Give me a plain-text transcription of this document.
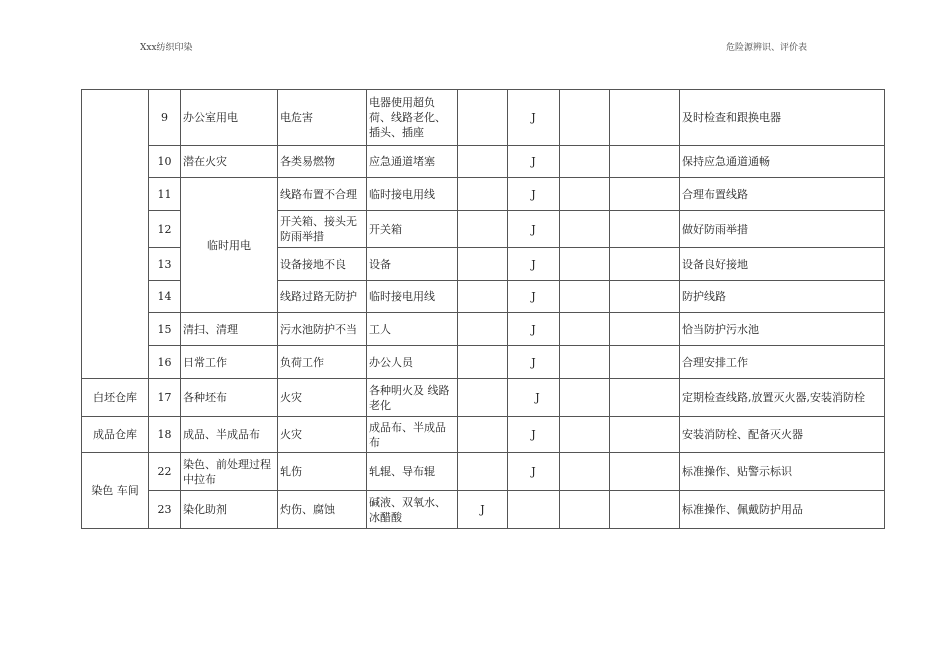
Xxx纺织印染	危险源辨识、评价表
	9	办公室用电	电危害	电器使用超负荷、线路老化、插头、插座		J			及时检查和跟换电器
	10	潜在火灾	各类易燃物	应急通道堵塞		J			保持应急通道通畅
	11	临时用电	线路布置不合理	临时接电用线		J			合理布置线路
	12		开关箱、接头无防雨举措	开关箱		J			做好防雨举措
	13		设备接地不良	设备		J			设备良好接地
	14		线路过路无防护	临时接电用线		J			防护线路
	15	清扫、清理	污水池防护不当	工人		J			恰当防护污水池
	16	日常工作	负荷工作	办公人员		J			合理安排工作
白坯仓库	17	各种坯布	火灾	各种明火及 线路老化		J			定期检查线路,放置灭火器,安装消防栓
成品仓库	18	成品、半成品布	火灾	成品布、半成品布		J			安装消防栓、配备灭火器
染色 车间	22	染色、前处理过程中拉布	轧伤	轧辊、导布辊		J			标准操作、贴警示标识
	23	染化助剂	灼伤、腐蚀	碱液、双氧水、冰醋酸	J				标准操作、佩戴防护用品
